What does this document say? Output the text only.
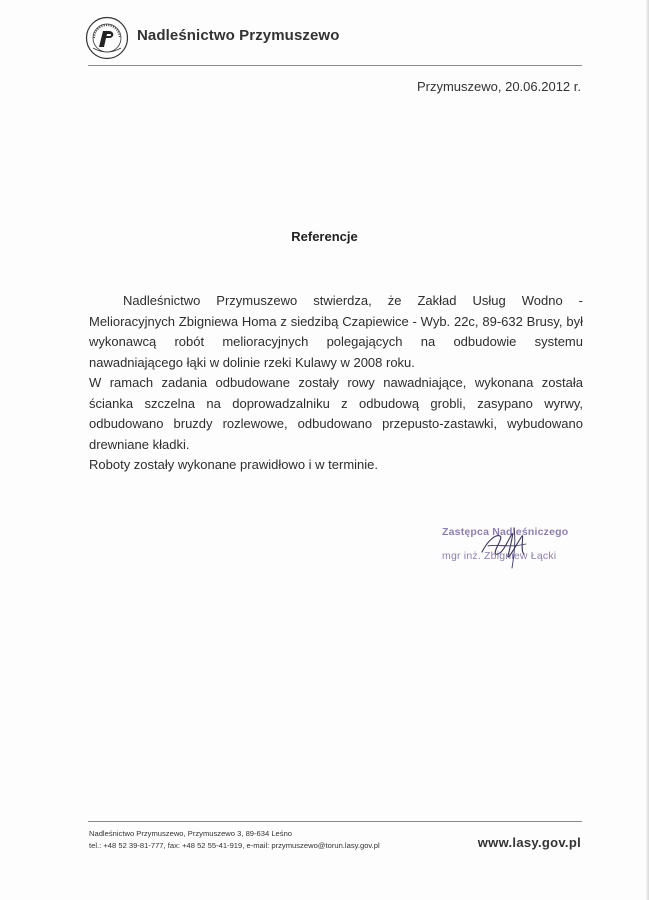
Nadleśnictwo Przymuszewo
Przymuszewo, 20.06.2012 r.
Referencje

Nadleśnictwo Przymuszewo stwierdza, że Zakład Usług Wodno - Melioracyjnych Zbigniewa Homa z siedzibą Czapiewice - Wyb. 22c, 89-632 Brusy, był wykonawcą robót melioracyjnych polegających na odbudowie systemu nawadniającego łąki w dolinie rzeki Kulawy w 2008 roku.

W ramach zadania odbudowane zostały rowy nawadniające, wykonana została ścianka szczelna na doprowadzalniku z odbudową grobli, zasypano wyrwy, odbudowano bruzdy rozlewowe, odbudowano przepusto-zastawki, wybudowano drewniane kładki.

Roboty zostały wykonane prawidłowo i w terminie.

Zastępca Nadleśniczego
mgr inż. Zbigniew Łącki
Nadleśnictwo Przymuszewo, Przymuszewo 3, 89-634 Leśno
tel.: +48 52 39-81-777, fax: +48 52 55-41-919, e-mail: przymuszewo@torun.lasy.gov.pl	www.lasy.gov.pl
